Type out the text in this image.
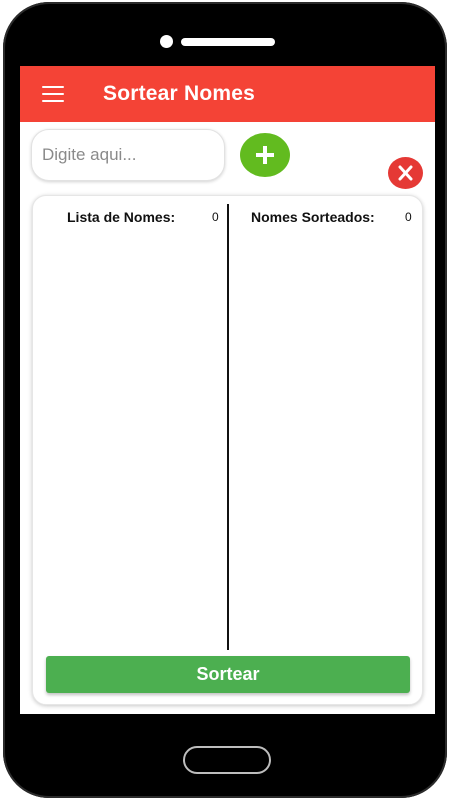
Sortear Nomes
Digite aqui...
Lista de Nomes:	0 Nomes Sorteados:	0
Sortear
